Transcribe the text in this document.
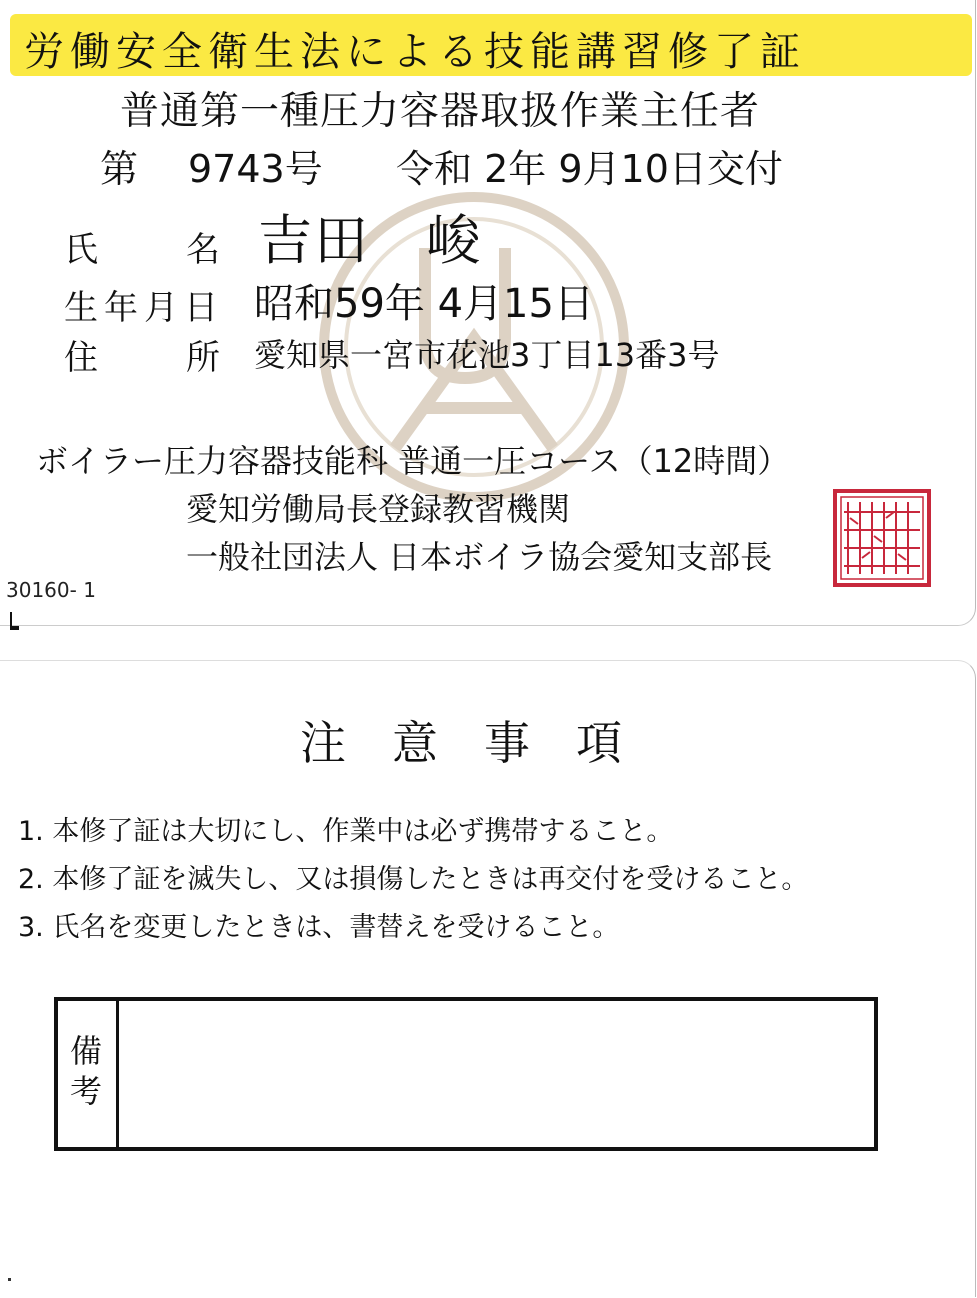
労働安全衛生法による技能講習修了証
普通第一種圧力容器取扱作業主任者
第 9743号 令和 2年 9月10日交付
氏	名 吉田　峻
生年月日 昭和59年 4月15日
住	所 愛知県一宮市花池3丁目13番3号
ボイラー圧力容器技能科 普通一圧コース（12時間）
愛知労働局長登録教習機関
一般社団法人 日本ボイラ協会愛知支部長
30160- 1
注意事項
1. 本修了証は大切にし、作業中は必ず携帯すること。
2. 本修了証を滅失し、又は損傷したときは再交付を受けること。
3. 氏名を変更したときは、書替えを受けること。
備考
